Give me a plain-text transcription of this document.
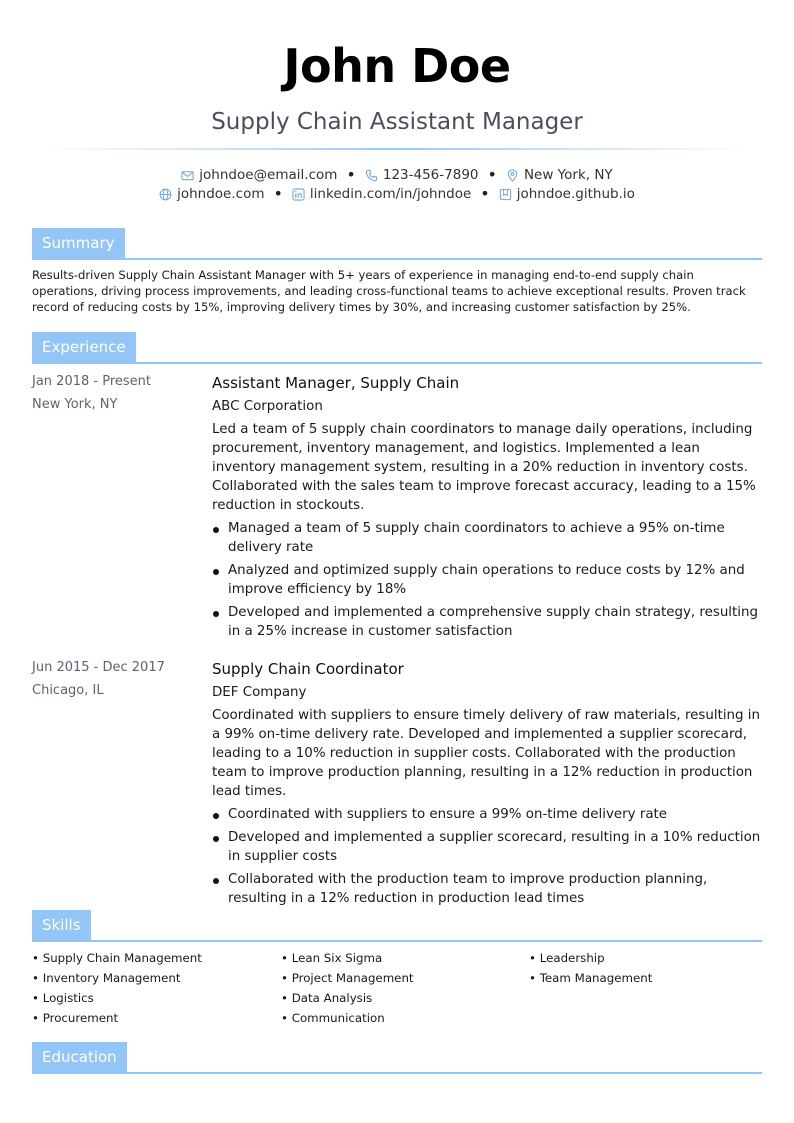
John Doe
Supply Chain Assistant Manager
johndoe@email.com • 123-456-7890 • New York, NY
johndoe.com • linkedin.com/in/johndoe • johndoe.github.io
Summary
Results-driven Supply Chain Assistant Manager with 5+ years of experience in managing end-to-end supply chain operations, driving process improvements, and leading cross-functional teams to achieve exceptional results. Proven track record of reducing costs by 15%, improving delivery times by 30%, and increasing customer satisfaction by 25%.
Experience
Jan 2018 - Present
New York, NY
Assistant Manager, Supply Chain
ABC Corporation
Led a team of 5 supply chain coordinators to manage daily operations, including procurement, inventory management, and logistics. Implemented a lean inventory management system, resulting in a 20% reduction in inventory costs. Collaborated with the sales team to improve forecast accuracy, leading to a 15% reduction in stockouts.
Managed a team of 5 supply chain coordinators to achieve a 95% on-time delivery rate
Analyzed and optimized supply chain operations to reduce costs by 12% and improve efficiency by 18%
Developed and implemented a comprehensive supply chain strategy, resulting in a 25% increase in customer satisfaction
Jun 2015 - Dec 2017
Chicago, IL
Supply Chain Coordinator
DEF Company
Coordinated with suppliers to ensure timely delivery of raw materials, resulting in a 99% on-time delivery rate. Developed and implemented a supplier scorecard, leading to a 10% reduction in supplier costs. Collaborated with the production team to improve production planning, resulting in a 12% reduction in production lead times.
Coordinated with suppliers to ensure a 99% on-time delivery rate
Developed and implemented a supplier scorecard, resulting in a 10% reduction in supplier costs
Collaborated with the production team to improve production planning, resulting in a 12% reduction in production lead times
Skills
• Supply Chain Management
• Inventory Management
• Logistics
• Procurement
• Lean Six Sigma
• Project Management
• Data Analysis
• Communication
• Leadership
• Team Management
Education
